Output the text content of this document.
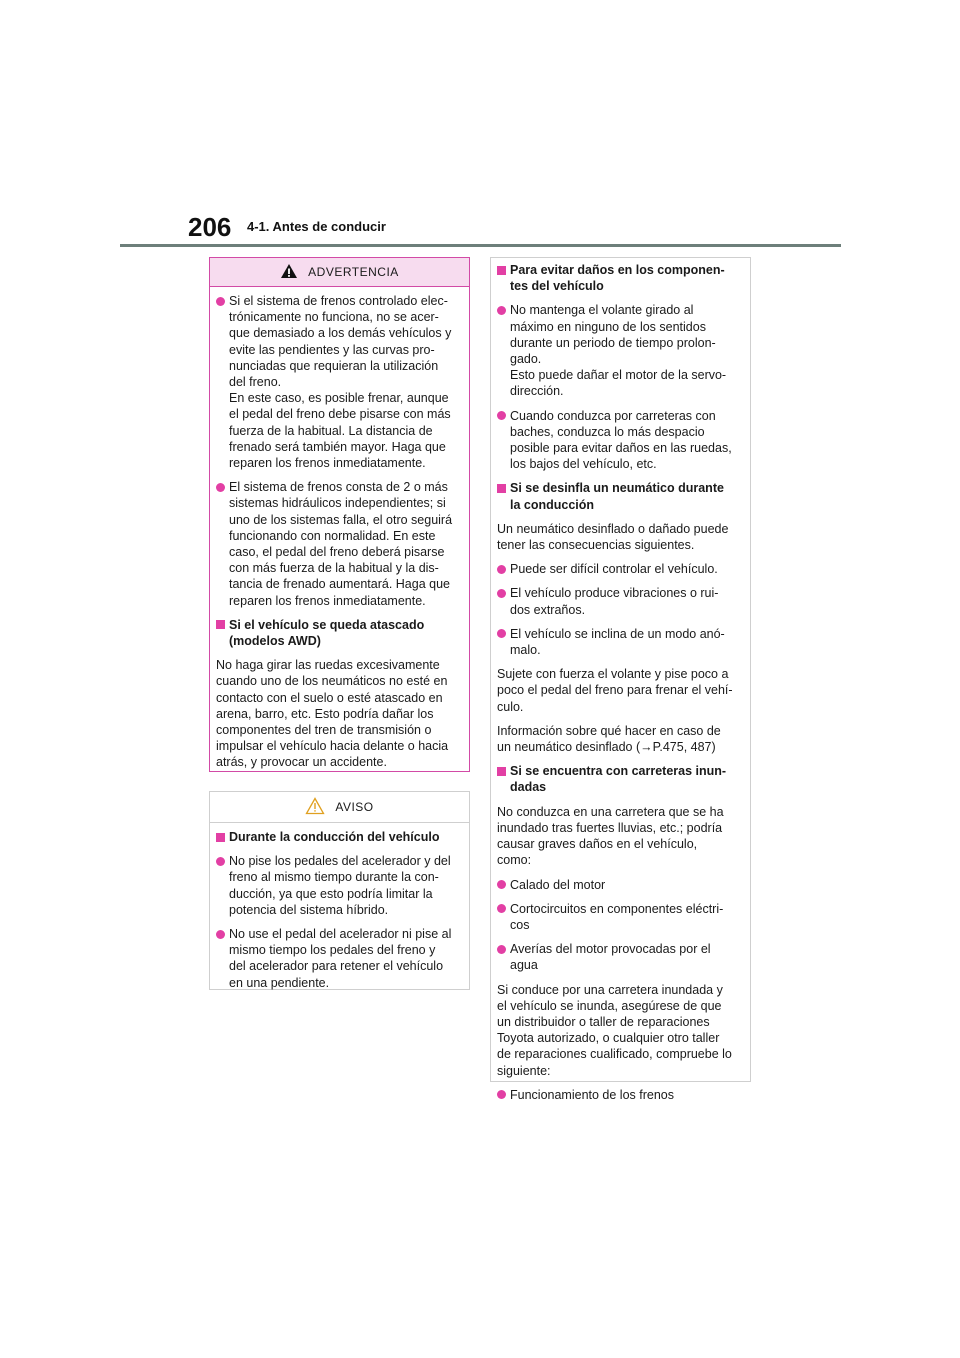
206 4-1. Antes de conducir
ADVERTENCIA
Si el sistema de frenos controlado elec-
trónicamente no funciona, no se acer-
que demasiado a los demás vehículos y
evite las pendientes y las curvas pro-
nunciadas que requieran la utilización
del freno.
En este caso, es posible frenar, aunque
el pedal del freno debe pisarse con más
fuerza de la habitual. La distancia de
frenado será también mayor. Haga que
reparen los frenos inmediatamente.
El sistema de frenos consta de 2 o más
sistemas hidráulicos independientes; si
uno de los sistemas falla, el otro seguirá
funcionando con normalidad. En este
caso, el pedal del freno deberá pisarse
con más fuerza de la habitual y la dis-
tancia de frenado aumentará. Haga que
reparen los frenos inmediatamente.
Si el vehículo se queda atascado
(modelos AWD)
No haga girar las ruedas excesivamente
cuando uno de los neumáticos no esté en
contacto con el suelo o esté atascado en
arena, barro, etc. Esto podría dañar los
componentes del tren de transmisión o
impulsar el vehículo hacia delante o hacia
atrás, y provocar un accidente.
AVISO
Durante la conducción del vehículo
No pise los pedales del acelerador y del
freno al mismo tiempo durante la con-
ducción, ya que esto podría limitar la
potencia del sistema híbrido.
No use el pedal del acelerador ni pise al
mismo tiempo los pedales del freno y
del acelerador para retener el vehículo
en una pendiente.
Para evitar daños en los componen-
tes del vehículo
No mantenga el volante girado al
máximo en ninguno de los sentidos
durante un periodo de tiempo prolon-
gado.
Esto puede dañar el motor de la servo-
dirección.
Cuando conduzca por carreteras con
baches, conduzca lo más despacio
posible para evitar daños en las ruedas,
los bajos del vehículo, etc.
Si se desinfla un neumático durante
la conducción
Un neumático desinflado o dañado puede
tener las consecuencias siguientes.
Puede ser difícil controlar el vehículo.
El vehículo produce vibraciones o rui-
dos extraños.
El vehículo se inclina de un modo anó-
malo.
Sujete con fuerza el volante y pise poco a
poco el pedal del freno para frenar el vehí-
culo.
Información sobre qué hacer en caso de
un neumático desinflado (→P.475, 487)
Si se encuentra con carreteras inun-
dadas
No conduzca en una carretera que se ha
inundado tras fuertes lluvias, etc.; podría
causar graves daños en el vehículo,
como:
Calado del motor
Cortocircuitos en componentes eléctri-
cos
Averías del motor provocadas por el
agua
Si conduce por una carretera inundada y
el vehículo se inunda, asegúrese de que
un distribuidor o taller de reparaciones
Toyota autorizado, o cualquier otro taller
de reparaciones cualificado, compruebe lo
siguiente:
Funcionamiento de los frenos
